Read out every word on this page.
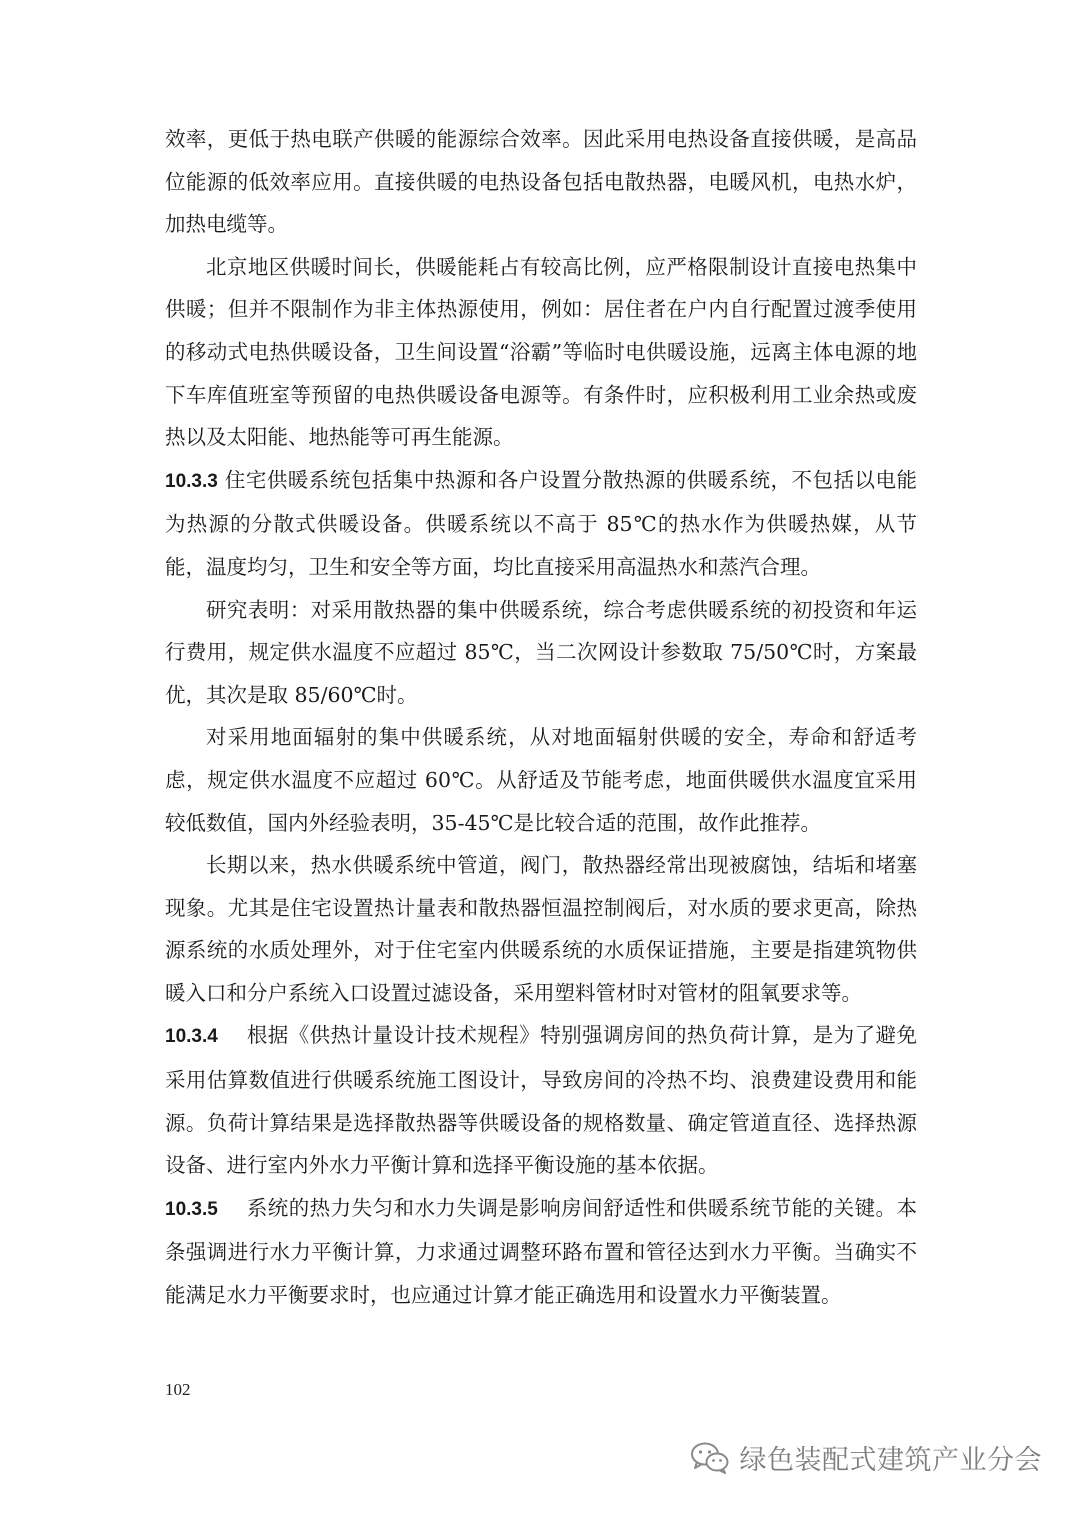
效率，更低于热电联产供暖的能源综合效率。因此采用电热设备直接供暖，是高品位能源的低效率应用。直接供暖的电热设备包括电散热器，电暖风机，电热水炉，加热电缆等。

北京地区供暖时间长，供暖能耗占有较高比例，应严格限制设计直接电热集中供暖；但并不限制作为非主体热源使用，例如：居住者在户内自行配置过渡季使用的移动式电热供暖设备，卫生间设置“浴霸”等临时电供暖设施，远离主体电源的地下车库值班室等预留的电热供暖设备电源等。有条件时，应积极利用工业余热或废热以及太阳能、地热能等可再生能源。

10.3.3 住宅供暖系统包括集中热源和各户设置分散热源的供暖系统，不包括以电能为热源的分散式供暖设备。供暖系统以不高于 85℃的热水作为供暖热媒，从节能，温度均匀，卫生和安全等方面，均比直接采用高温热水和蒸汽合理。

研究表明：对采用散热器的集中供暖系统，综合考虑供暖系统的初投资和年运行费用，规定供水温度不应超过 85℃，当二次网设计参数取 75/50℃时，方案最优，其次是取 85/60℃时。

对采用地面辐射的集中供暖系统，从对地面辐射供暖的安全，寿命和舒适考虑，规定供水温度不应超过 60℃。从舒适及节能考虑，地面供暖供水温度宜采用较低数值，国内外经验表明，35-45℃是比较合适的范围，故作此推荐。

长期以来，热水供暖系统中管道，阀门，散热器经常出现被腐蚀，结垢和堵塞现象。尤其是住宅设置热计量表和散热器恒温控制阀后，对水质的要求更高，除热源系统的水质处理外，对于住宅室内供暖系统的水质保证措施，主要是指建筑物供暖入口和分户系统入口设置过滤设备，采用塑料管材时对管材的阻氧要求等。

10.3.4 根据《供热计量设计技术规程》特别强调房间的热负荷计算，是为了避免采用估算数值进行供暖系统施工图设计，导致房间的冷热不均、浪费建设费用和能源。负荷计算结果是选择散热器等供暖设备的规格数量、确定管道直径、选择热源设备、进行室内外水力平衡计算和选择平衡设施的基本依据。

10.3.5 系统的热力失匀和水力失调是影响房间舒适性和供暖系统节能的关键。本条强调进行水力平衡计算，力求通过调整环路布置和管径达到水力平衡。当确实不能满足水力平衡要求时，也应通过计算才能正确选用和设置水力平衡装置。

102
绿色装配式建筑产业分会
